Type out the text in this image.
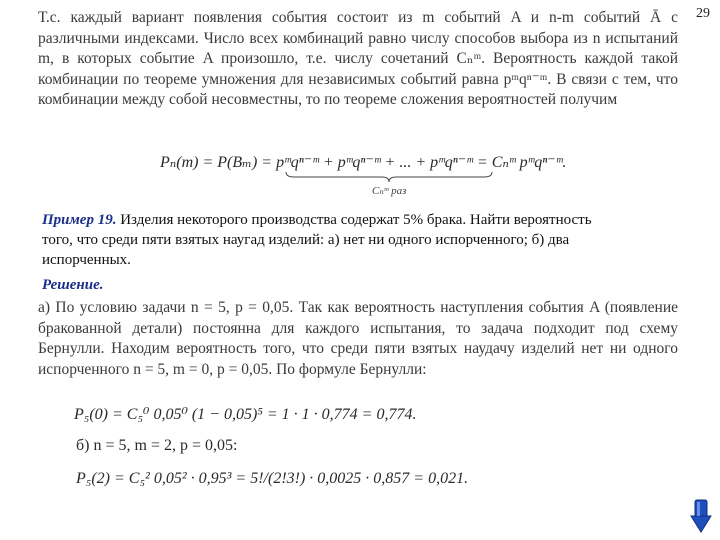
29

Т.с. каждый вариант появления события состоит из m событий A и n-m событий Ā с различными индексами. Число всех комбинаций равно числу способов выбора из n испытаний m, в которых событие A произошло, т.е. числу сочетаний Cₙᵐ. Вероятность каждой такой комбинации по теореме умножения для независимых событий равна pᵐqⁿ⁻ᵐ. В связи с тем, что комбинации между собой несовместны, то по теореме сложения вероятностей получим

Pₙ(m) = P(Bₘ) = pᵐqⁿ⁻ᵐ + pᵐqⁿ⁻ᵐ + ... + pᵐqⁿ⁻ᵐ = Cₙᵐ pᵐqⁿ⁻ᵐ.
Cₙᵐ раз
Пример 19. Изделия некоторого производства содержат 5% брака. Найти вероятность того, что среди пяти взятых наугад изделий: а) нет ни одного испорченного; б) два испорченных.
Решение.

а) По условию задачи n = 5, p = 0,05. Так как вероятность наступления события A (появление бракованной детали) постоянна для каждого испытания, то задача подходит под схему Бернулли. Находим вероятность того, что среди пяти взятых наудачу изделий нет ни одного испорченного n = 5, m = 0, p = 0,05. По формуле Бернулли:

P₅(0) = C₅⁰ 0,05⁰ (1 − 0,05)⁵ = 1 · 1 · 0,774 = 0,774.
б) n = 5, m = 2, p = 0,05:
P₅(2) = C₅² 0,05² · 0,95³ = 5!/(2!3!) · 0,0025 · 0,857 = 0,021.
